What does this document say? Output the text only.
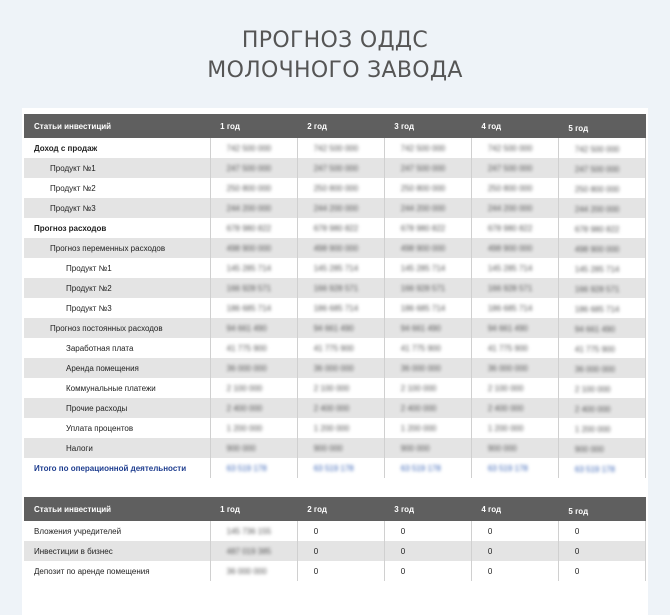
ПРОГНОЗ ОДДС
МОЛОЧНОГО ЗАВОДА
Статьи инвестиций	1 год	2 год	3 год	4 год	5 год
Доход с продаж	742 500 000	742 500 000	742 500 000	742 500 000	742 500 000
Продукт №1	247 500 000	247 500 000	247 500 000	247 500 000	247 500 000
Продукт №2	250 800 000	250 800 000	250 800 000	250 800 000	250 800 000
Продукт №3	244 200 000	244 200 000	244 200 000	244 200 000	244 200 000
Прогноз расходов	678 980 822	678 980 822	678 980 822	678 980 822	678 980 822
Прогноз переменных расходов	498 900 000	498 900 000	498 900 000	498 900 000	498 900 000
Продукт №1	145 285 714	145 285 714	145 285 714	145 285 714	145 285 714
Продукт №2	166 928 571	166 928 571	166 928 571	166 928 571	166 928 571
Продукт №3	186 685 714	186 685 714	186 685 714	186 685 714	186 685 714
Прогноз постоянных расходов	94 661 490	94 661 490	94 661 490	94 661 490	94 661 490
Заработная плата	41 775 900	41 775 900	41 775 900	41 775 900	41 775 900
Аренда помещения	36 000 000	36 000 000	36 000 000	36 000 000	36 000 000
Коммунальные платежи	2 100 000	2 100 000	2 100 000	2 100 000	2 100 000
Прочие расходы	2 400 000	2 400 000	2 400 000	2 400 000	2 400 000
Уплата процентов	1 200 000	1 200 000	1 200 000	1 200 000	1 200 000
Налоги	900 000	900 000	900 000	900 000	900 000
Итого по операционной деятельности	63 519 178	63 519 178	63 519 178	63 519 178	63 519 178
Статьи инвестиций	1 год	2 год	3 год	4 год	5 год
Вложения учредителей	145 736 155	0	0	0	0
Инвестиции в бизнес	487 019 385	0	0	0	0
Депозит по аренде помещения	36 000 000	0	0	0	0
